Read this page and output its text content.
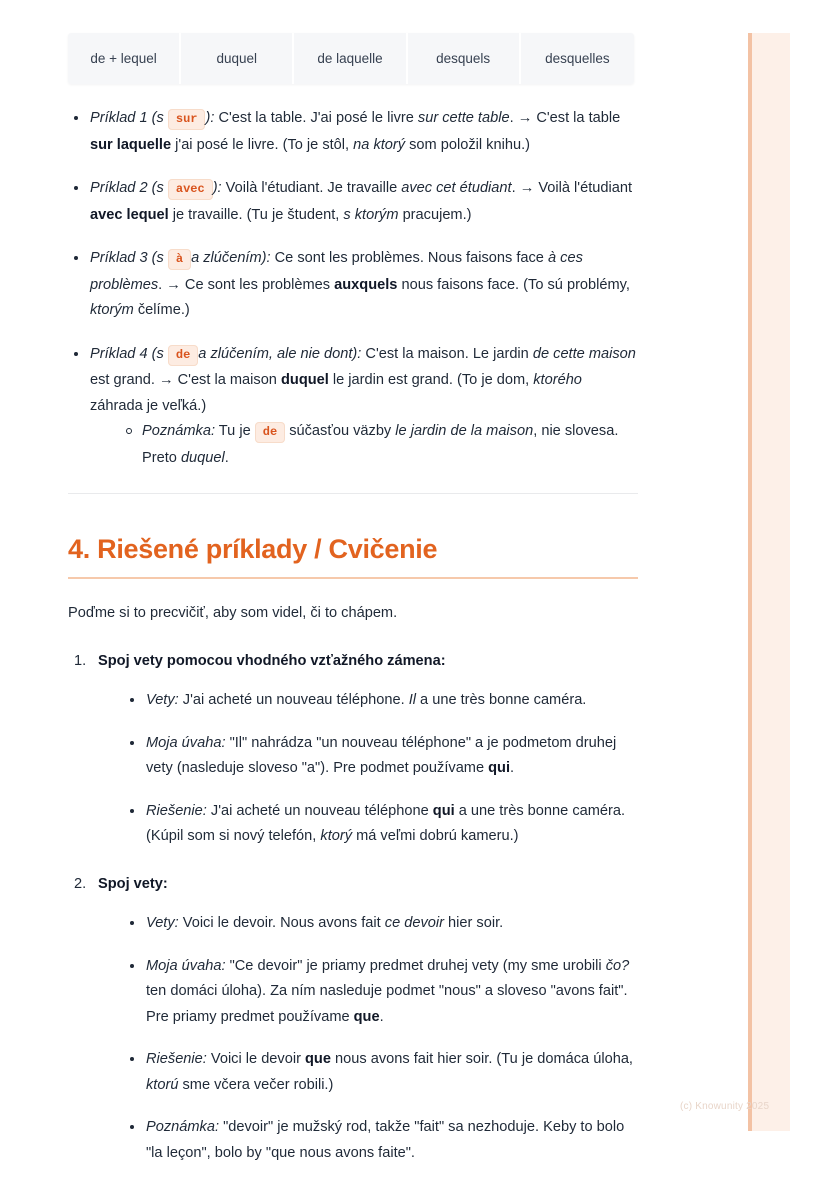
de + lequel	duquel	de laquelle	desquels	desquelles
Príklad 1 (s sur ): C'est la table. J'ai posé le livre sur cette table. → C'est la table sur laquelle j'ai posé le livre. (To je stôl, na ktorý som položil knihu.)
Príklad 2 (s avec ): Voilà l'étudiant. Je travaille avec cet étudiant. → Voilà l'étudiant avec lequel je travaille. (Tu je študent, s ktorým pracujem.)
Príklad 3 (s à a zlúčením): Ce sont les problèmes. Nous faisons face à ces problèmes. → Ce sont les problèmes auxquels nous faisons face. (To sú problémy, ktorým čelíme.)
Príklad 4 (s de a zlúčením, ale nie dont): C'est la maison. Le jardin de cette maison est grand. → C'est la maison duquel le jardin est grand. (To je dom, ktorého záhrada je veľká.)
Poznámka: Tu je de súčasťou väzby le jardin de la maison, nie slovesa. Preto duquel.
4. Riešené príklady / Cvičenie

Poďme si to precvičiť, aby som videl, či to chápem.

Spoj vety pomocou vhodného vzťažného zámena:
Vety: J'ai acheté un nouveau téléphone. Il a une très bonne caméra.
Moja úvaha: "Il" nahrádza "un nouveau téléphone" a je podmetom druhej vety (nasleduje sloveso "a"). Pre podmet používame qui.
Riešenie: J'ai acheté un nouveau téléphone qui a une très bonne caméra. (Kúpil som si nový telefón, ktorý má veľmi dobrú kameru.)
Spoj vety:
Vety: Voici le devoir. Nous avons fait ce devoir hier soir.
Moja úvaha: "Ce devoir" je priamy predmet druhej vety (my sme urobili čo? ten domáci úloha). Za ním nasleduje podmet "nous" a sloveso "avons fait". Pre priamy predmet používame que.
Riešenie: Voici le devoir que nous avons fait hier soir. (Tu je domáca úloha, ktorú sme včera večer robili.)
Poznámka: "devoir" je mužský rod, takže "fait" sa nezhoduje. Keby to bolo "la leçon", bolo by "que nous avons faite".
(c) Knowunity 2025
